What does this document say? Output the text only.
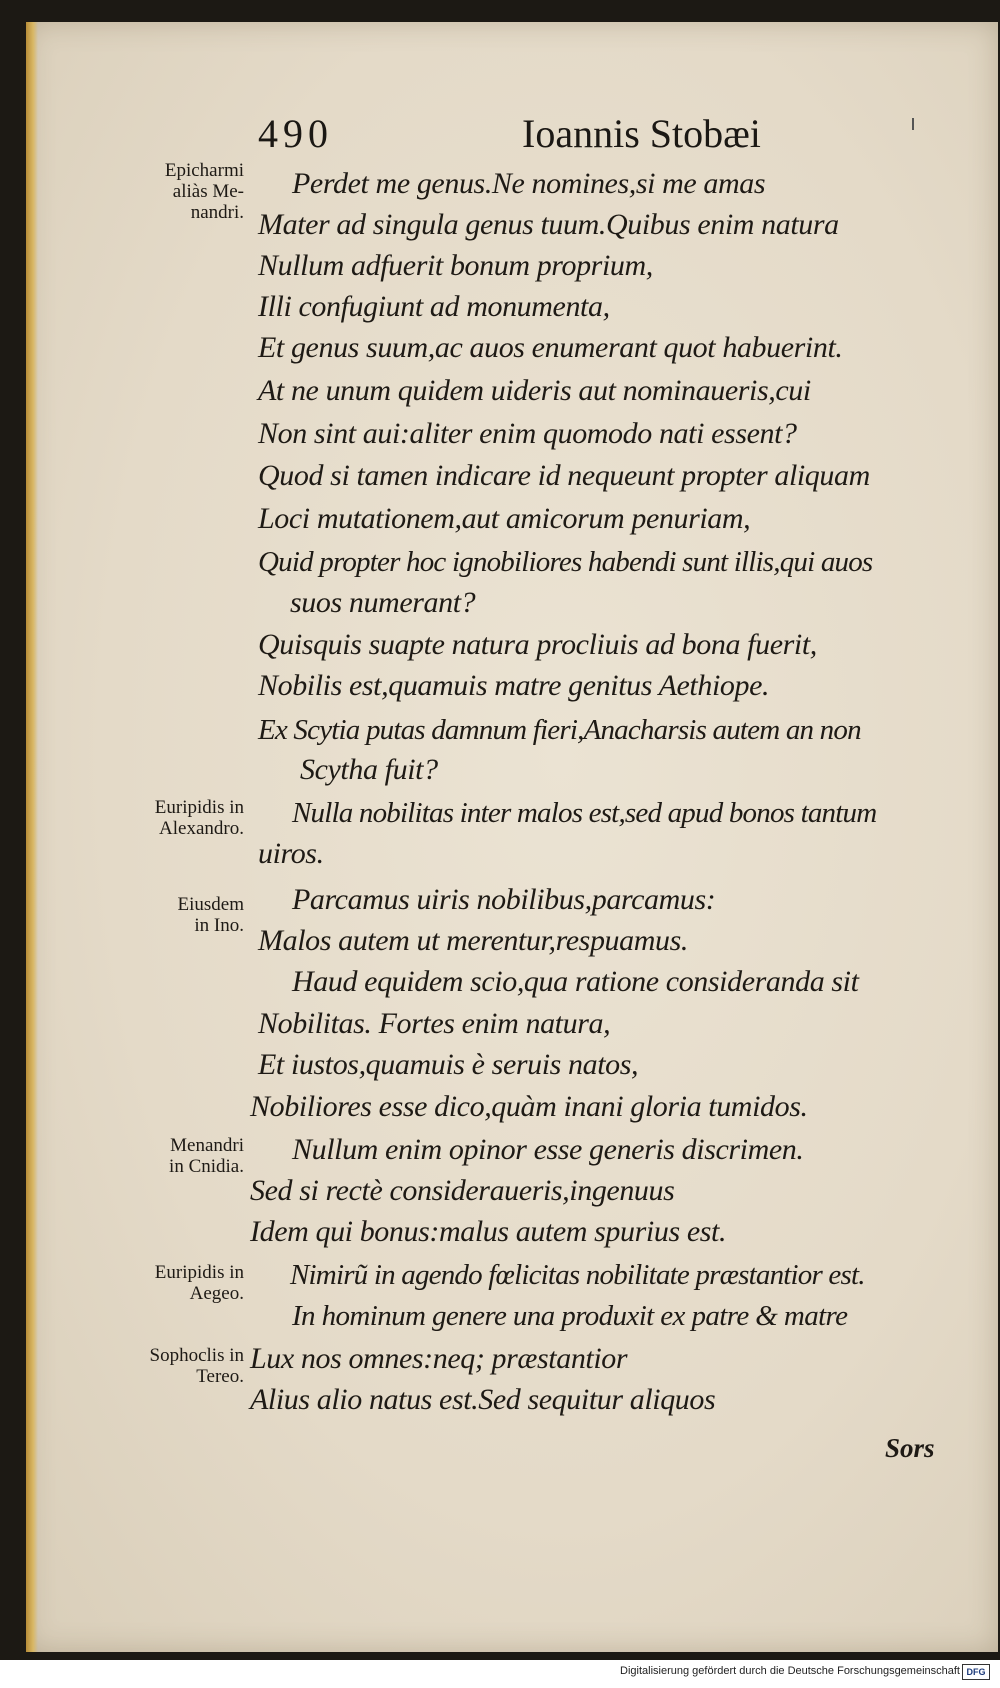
490	Ioannis Stobæi
Perdet me genus.Ne nomines,si me amas
Mater ad singula genus tuum.Quibus enim natura
Nullum adfuerit bonum proprium,
Illi confugiunt ad monumenta,
Et genus suum,ac auos enumerant quot habuerint.
At ne unum quidem uideris aut nominaueris,cui
Non sint aui:aliter enim quomodo nati essent?
Quod si tamen indicare id nequeunt propter aliquam
Loci mutationem,aut amicorum penuriam,
Quid propter hoc ignobiliores habendi sunt illis,qui auos
suos numerant?
Quisquis suapte natura procliuis ad bona fuerit,
Nobilis est,quamuis matre genitus Aethiope.
Ex Scytia putas damnum fieri,Anacharsis autem an non
Scytha fuit?
Nulla nobilitas inter malos est,sed apud bonos tantum
uiros.
Parcamus uiris nobilibus,parcamus:
Malos autem ut merentur,respuamus.
Haud equidem scio,qua ratione consideranda sit
Nobilitas. Fortes enim natura,
Et iustos,quamuis è seruis natos,
Nobiliores esse dico,quàm inani gloria tumidos.
Nullum enim opinor esse generis discrimen.
Sed si rectè consideraueris,ingenuus
Idem qui bonus:malus autem spurius est.
Nimirũ in agendo fœlicitas nobilitate præstantior est.
In hominum genere una produxit ex patre & matre
Lux nos omnes:neq; præstantior
Alius alio natus est.Sed sequitur aliquos
Epicharmi
aliàs Me-
nandri.
Euripidis in
Alexandro.
Eiusdem
in Ino.
Menandri
in Cnidia.
Euripidis in
Aegeo.
Sophoclis in
Tereo.
Sors
Digitalisierung gefördert durch die Deutsche Forschungsgemeinschaft DFG
